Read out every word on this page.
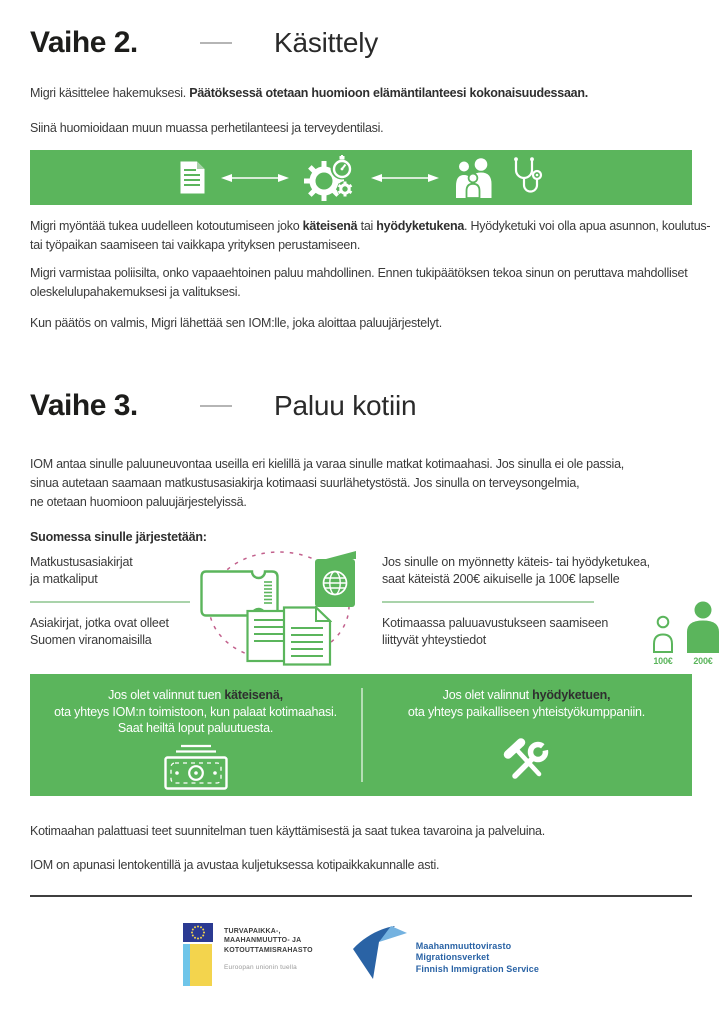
Vaihe 2.	Käsittely
Migri käsittelee hakemuksesi. Päätöksessä otetaan huomioon elämäntilanteesi kokonaisuudessaan.
Siinä huomioidaan muun muassa perhetilanteesi ja terveydentilasi.
Migri myöntää tukea uudelleen kotoutumiseen joko käteisenä tai hyödyketukena. Hyödyketuki voi olla apua asunnon, koulutus-
tai työpaikan saamiseen tai vaikkapa yrityksen perustamiseen.
Migri varmistaa poliisilta, onko vapaaehtoinen paluu mahdollinen. Ennen tukipäätöksen tekoa sinun on peruttava mahdolliset
oleskelulupahakemuksesi ja valituksesi.
Kun päätös on valmis, Migri lähettää sen IOM:lle, joka aloittaa paluujärjestelyt.
Vaihe 3.	Paluu kotiin
IOM antaa sinulle paluuneuvontaa useilla eri kielillä ja varaa sinulle matkat kotimaahasi. Jos sinulla ei ole passia,
sinua autetaan saamaan matkustusasiakirja kotimaasi suurlähetystöstä. Jos sinulla on terveysongelmia,
ne otetaan huomioon paluujärjestelyissä.
Suomessa sinulle järjestetään:
Matkustusasiakirjat
ja matkaliput
Asiakirjat, jotka ovat olleet
Suomen viranomaisilla
Jos sinulle on myönnetty käteis- tai hyödyketukea,
saat käteistä 200€ aikuiselle ja 100€ lapselle
Kotimaassa paluuavustukseen saamiseen
liittyvät yhteystiedot
100€ 200€
Jos olet valinnut tuen käteisenä,
ota yhteys IOM:n toimistoon, kun palaat kotimaahasi.
Saat heiltä loput paluutuesta.
Jos olet valinnut hyödyketuen,
ota yhteys paikalliseen yhteistyökumppaniin.
Kotimaahan palattuasi teet suunnitelman tuen käyttämisestä ja saat tukea tavaroina ja palveluina.
IOM on apunasi lentokentillä ja avustaa kuljetuksessa kotipaikkakunnalle asti.
TURVAPAIKKA-,
MAAHANMUUTTO- JA
KOTOUTTAMISRAHASTO
Euroopan unionin tuella
Maahanmuuttovirasto
Migrationsverket
Finnish Immigration Service
